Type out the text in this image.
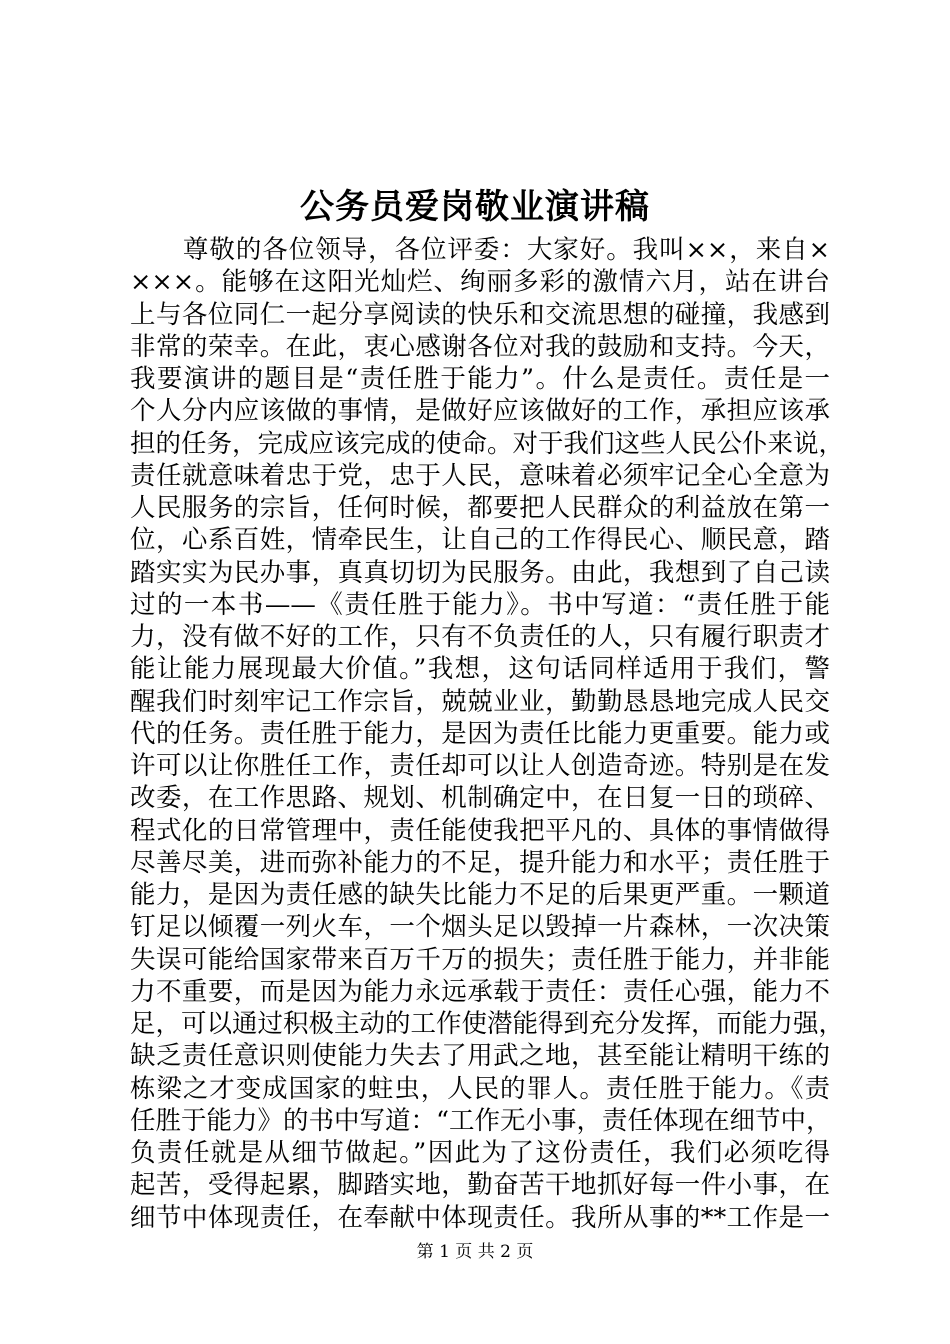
公务员爱岗敬业演讲稿
　　尊敬的各位领导，各位评委：大家好。我叫××，来自×
×××。能够在这阳光灿烂、绚丽多彩的激情六月，站在讲台
上与各位同仁一起分享阅读的快乐和交流思想的碰撞，我感到
非常的荣幸。在此，衷心感谢各位对我的鼓励和支持。今天，
我要演讲的题目是“责任胜于能力”。什么是责任。责任是一
个人分内应该做的事情，是做好应该做好的工作，承担应该承
担的任务，完成应该完成的使命。对于我们这些人民公仆来说，
责任就意味着忠于党，忠于人民，意味着必须牢记全心全意为
人民服务的宗旨，任何时候，都要把人民群众的利益放在第一
位，心系百姓，情牵民生，让自己的工作得民心、顺民意，踏
踏实实为民办事，真真切切为民服务。由此，我想到了自己读
过的一本书——《责任胜于能力》。书中写道：“责任胜于能
力，没有做不好的工作，只有不负责任的人，只有履行职责才
能让能力展现最大价值。”我想，这句话同样适用于我们，警
醒我们时刻牢记工作宗旨，兢兢业业，勤勤恳恳地完成人民交
代的任务。责任胜于能力，是因为责任比能力更重要。能力或
许可以让你胜任工作，责任却可以让人创造奇迹。特别是在发
改委，在工作思路、规划、机制确定中，在日复一日的琐碎、
程式化的日常管理中，责任能使我把平凡的、具体的事情做得
尽善尽美，进而弥补能力的不足，提升能力和水平；责任胜于
能力，是因为责任感的缺失比能力不足的后果更严重。一颗道
钉足以倾覆一列火车，一个烟头足以毁掉一片森林，一次决策
失误可能给国家带来百万千万的损失；责任胜于能力，并非能
力不重要，而是因为能力永远承载于责任：责任心强，能力不
足，可以通过积极主动的工作使潜能得到充分发挥，而能力强，
缺乏责任意识则使能力失去了用武之地，甚至能让精明干练的
栋梁之才变成国家的蛀虫，人民的罪人。责任胜于能力。《责
任胜于能力》的书中写道：“工作无小事，责任体现在细节中，
负责任就是从细节做起。”因此为了这份责任，我们必须吃得
起苦，受得起累，脚踏实地，勤奋苦干地抓好每一件小事，在
细节中体现责任，在奉献中体现责任。我所从事的**工作是一
第 1 页 共 2 页
